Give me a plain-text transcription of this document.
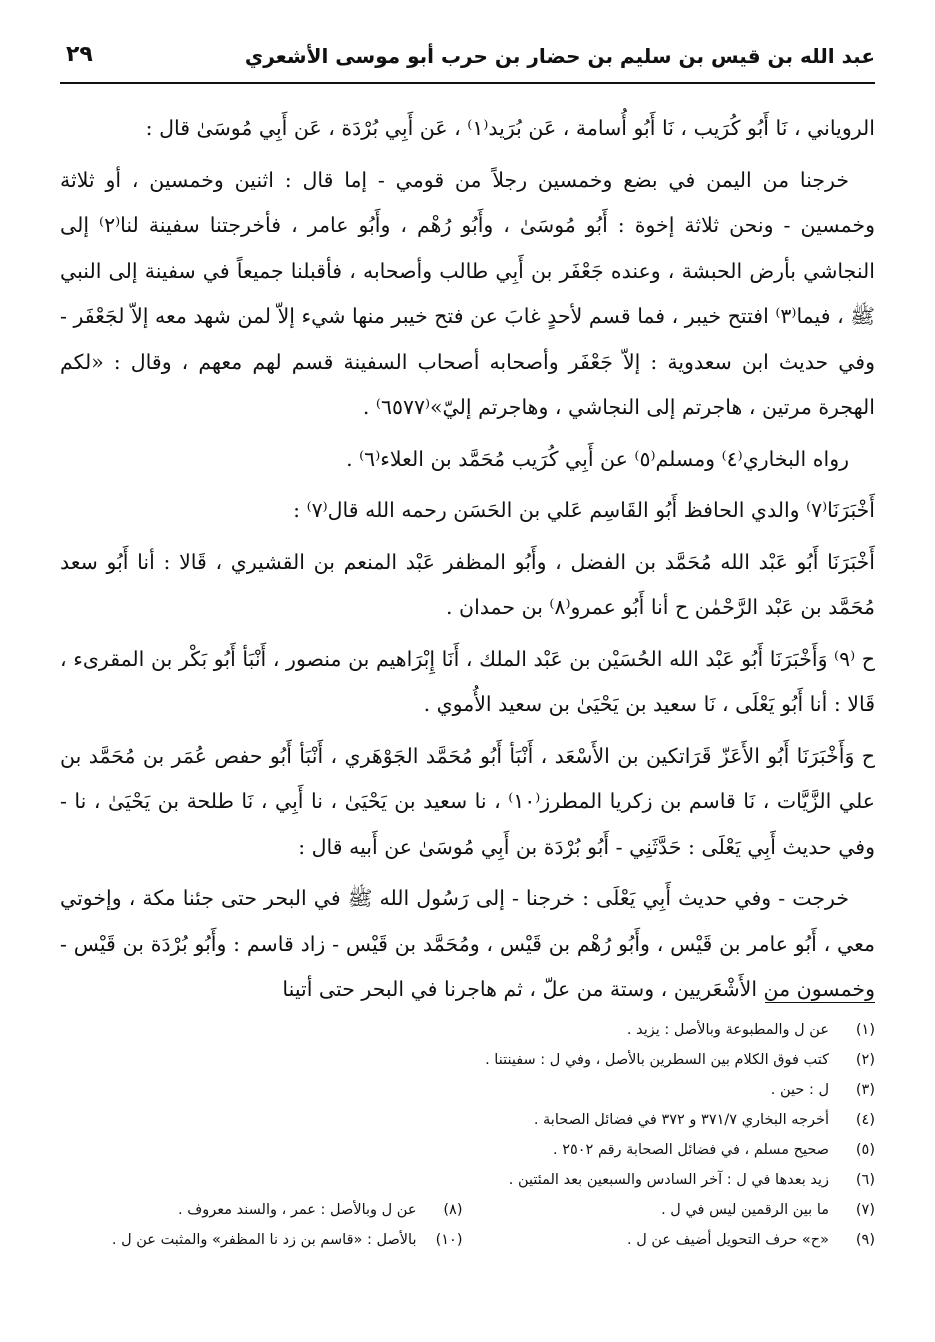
عبد الله بن قيس بن سليم بن حضار بن حرب أبو موسى الأشعري
٢٩

الروياني ، نَا أَبُو كُرَيب ، نَا أَبُو أُسامة ، عَن بُرَيد⁽١⁾ ، عَن أَبِي بُرْدَة ، عَن أَبِي مُوسَىٰ قال :

خرجنا من اليمن في بضع وخمسين رجلاً من قومي - إما قال : اثنين وخمسين ، أو ثلاثة وخمسين - ونحن ثلاثة إخوة : أَبُو مُوسَىٰ ، وأَبُو رُهْم ، وأَبُو عامر ، فأخرجتنا سفينة لنا⁽٢⁾ إلى النجاشي بأرض الحبشة ، وعنده جَعْفَر بن أَبِي طالب وأصحابه ، فأقبلنا جميعاً في سفينة إلى النبي ﷺ ، فيما⁽٣⁾ افتتح خيبر ، فما قسم لأحدٍ غابَ عن فتح خيبر منها شيء إلاّ لمن شهد معه إلاّ لجَعْفَر - وفي حديث ابن سعدوية : إلاّ جَعْفَر وأصحابه أصحاب السفينة قسم لهم معهم ، وقال : «لكم الهجرة مرتين ، هاجرتم إلى النجاشي ، وهاجرتم إليّ»⁽٦٥٧٧⁾ .

رواه البخاري⁽٤⁾ ومسلم⁽٥⁾ عن أَبِي كُرَيب مُحَمَّد بن العلاء⁽٦⁾ .

أَخْبَرَنَا⁽٧⁾ والدي الحافظ أَبُو القَاسِم عَلي بن الحَسَن رحمه الله قال⁽٧⁾ :

أَخْبَرَنَا أَبُو عَبْد الله مُحَمَّد بن الفضل ، وأَبُو المظفر عَبْد المنعم بن القشيري ، قَالا : أنا أَبُو سعد مُحَمَّد بن عَبْد الرَّحْمٰن ح أنا أَبُو عمرو⁽٨⁾ بن حمدان .

ح ⁽٩⁾ وَأَخْبَرَنَا أَبُو عَبْد الله الحُسَيْن بن عَبْد الملك ، أَنَا إِبْرَاهيم بن منصور ، أَنْبَأ أَبُو بَكْر بن المقرىء ، قَالا : أنا أَبُو يَعْلَى ، نَا سعيد بن يَحْيَىٰ بن سعيد الأُموي .

ح وَأَخْبَرَنَا أَبُو الأَعَزّ قَرَاتكين بن الأَسْعَد ، أَنْبَأ أَبُو مُحَمَّد الجَوْهَري ، أَنْبَأ أَبُو حفص عُمَر بن مُحَمَّد بن علي الزَّيَّات ، نَا قاسم بن زكريا المطرز⁽١٠⁾ ، نا سعيد بن يَحْيَىٰ ، نا أَبِي ، نَا طلحة بن يَحْيَىٰ ، نا - وفي حديث أَبِي يَعْلَى : حَدَّثَنِي - أَبُو بُرْدَة بن أَبِي مُوسَىٰ عن أَبيه قال :

خرجت - وفي حديث أَبِي يَعْلَى : خرجنا - إلى رَسُول الله ﷺ في البحر حتى جئنا مكة ، وإخوتي معي ، أَبُو عامر بن قَيْس ، وأَبُو رُهْم بن قَيْس ، ومُحَمَّد بن قَيْس - زاد قاسم : وأَبُو بُرْدَة بن قَيْس - وخمسون من الأَشْعَريين ، وستة من علّ ، ثم هاجرنا في البحر حتى أتينا

(١)
عن ل والمطبوعة وبالأصل : يزيد .
(٢)
كتب فوق الكلام بين السطرين بالأصل ، وفي ل : سفينتنا .
(٣)
ل : حين .
(٤)
أخرجه البخاري ٣٧١/٧ و ٣٧٢ في فضائل الصحابة .
(٥)
صحيح مسلم ، في فضائل الصحابة رقم ٢٥٠٢ .
(٦)
زيد بعدها في ل : آخر السادس والسبعين بعد المئتين .
(٧)
ما بين الرقمين ليس في ل .
(٨)
عن ل وبالأصل : عمر ، والسند معروف .
(٩)
«ح» حرف التحويل أضيف عن ل .
(١٠)
بالأصل : «قاسم بن زد نا المظفر» والمثبت عن ل .
